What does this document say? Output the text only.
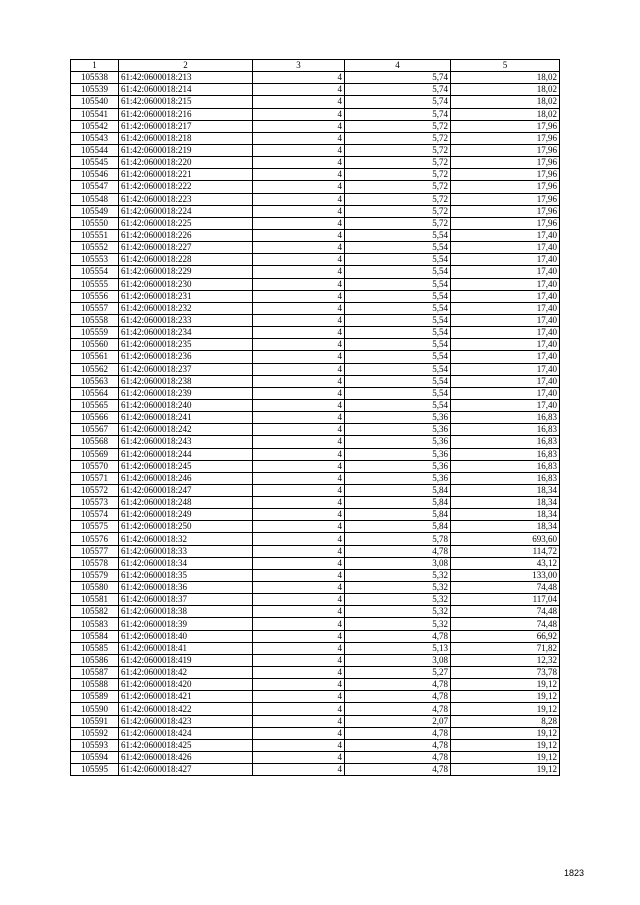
1	2	3	4	5
105538	61:42:0600018:213	4	5,74	18,02
105539	61:42:0600018:214	4	5,74	18,02
105540	61:42:0600018:215	4	5,74	18,02
105541	61:42:0600018:216	4	5,74	18,02
105542	61:42:0600018:217	4	5,72	17,96
105543	61:42:0600018:218	4	5,72	17,96
105544	61:42:0600018:219	4	5,72	17,96
105545	61:42:0600018:220	4	5,72	17,96
105546	61:42:0600018:221	4	5,72	17,96
105547	61:42:0600018:222	4	5,72	17,96
105548	61:42:0600018:223	4	5,72	17,96
105549	61:42:0600018:224	4	5,72	17,96
105550	61:42:0600018:225	4	5,72	17,96
105551	61:42:0600018:226	4	5,54	17,40
105552	61:42:0600018:227	4	5,54	17,40
105553	61:42:0600018:228	4	5,54	17,40
105554	61:42:0600018:229	4	5,54	17,40
105555	61:42:0600018:230	4	5,54	17,40
105556	61:42:0600018:231	4	5,54	17,40
105557	61:42:0600018:232	4	5,54	17,40
105558	61:42:0600018:233	4	5,54	17,40
105559	61:42:0600018:234	4	5,54	17,40
105560	61:42:0600018:235	4	5,54	17,40
105561	61:42:0600018:236	4	5,54	17,40
105562	61:42:0600018:237	4	5,54	17,40
105563	61:42:0600018:238	4	5,54	17,40
105564	61:42:0600018:239	4	5,54	17,40
105565	61:42:0600018:240	4	5,54	17,40
105566	61:42:0600018:241	4	5,36	16,83
105567	61:42:0600018:242	4	5,36	16,83
105568	61:42:0600018:243	4	5,36	16,83
105569	61:42:0600018:244	4	5,36	16,83
105570	61:42:0600018:245	4	5,36	16,83
105571	61:42:0600018:246	4	5,36	16,83
105572	61:42:0600018:247	4	5,84	18,34
105573	61:42:0600018:248	4	5,84	18,34
105574	61:42:0600018:249	4	5,84	18,34
105575	61:42:0600018:250	4	5,84	18,34
105576	61:42:0600018:32	4	5,78	693,60
105577	61:42:0600018:33	4	4,78	114,72
105578	61:42:0600018:34	4	3,08	43,12
105579	61:42:0600018:35	4	5,32	133,00
105580	61:42:0600018:36	4	5,32	74,48
105581	61:42:0600018:37	4	5,32	117,04
105582	61:42:0600018:38	4	5,32	74,48
105583	61:42:0600018:39	4	5,32	74,48
105584	61:42:0600018:40	4	4,78	66,92
105585	61:42:0600018:41	4	5,13	71,82
105586	61:42:0600018:419	4	3,08	12,32
105587	61:42:0600018:42	4	5,27	73,78
105588	61:42:0600018:420	4	4,78	19,12
105589	61:42:0600018:421	4	4,78	19,12
105590	61:42:0600018:422	4	4,78	19,12
105591	61:42:0600018:423	4	2,07	8,28
105592	61:42:0600018:424	4	4,78	19,12
105593	61:42:0600018:425	4	4,78	19,12
105594	61:42:0600018:426	4	4,78	19,12
105595	61:42:0600018:427	4	4,78	19,12
1823
